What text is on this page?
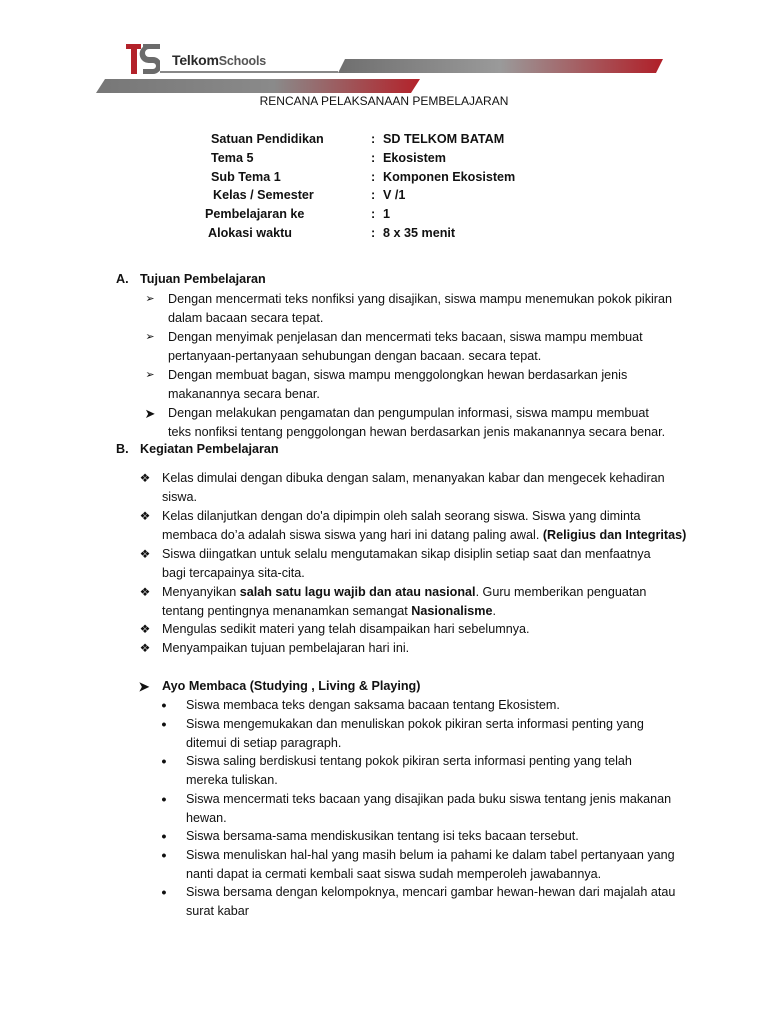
TelkomSchools
RENCANA PELAKSANAAN PEMBELAJARAN
Satuan Pendidikan	: SD TELKOM BATAM
Tema 5	: Ekosistem
Sub Tema 1	: Komponen Ekosistem
Kelas / Semester	: V /1
Pembelajaran ke	: 1
Alokasi waktu	: 8 x 35 menit
A. Tujuan Pembelajaran
➢ Dengan mencermati teks nonfiksi yang disajikan, siswa mampu menemukan pokok pikiran
dalam bacaan secara tepat.
➢ Dengan menyimak penjelasan dan mencermati teks bacaan, siswa mampu membuat
pertanyaan-pertanyaan sehubungan dengan bacaan. secara tepat.
➢ Dengan membuat bagan, siswa mampu menggolongkan hewan berdasarkan jenis
makanannya secara benar.
➤ Dengan melakukan pengamatan dan pengumpulan informasi, siswa mampu membuat
teks nonfiksi tentang penggolongan hewan berdasarkan jenis makanannya secara benar.
B. Kegiatan Pembelajaran
❖ Kelas dimulai dengan dibuka dengan salam, menanyakan kabar dan mengecek kehadiran
siswa.
❖ Kelas dilanjutkan dengan do'a dipimpin oleh salah seorang siswa. Siswa yang diminta
membaca do’a adalah siswa siswa yang hari ini datang paling awal. (Religius dan Integritas)
❖ Siswa diingatkan untuk selalu mengutamakan sikap disiplin setiap saat dan menfaatnya
bagi tercapainya sita-cita.
❖ Menyanyikan salah satu lagu wajib dan atau nasional. Guru memberikan penguatan
tentang pentingnya menanamkan semangat Nasionalisme.
❖ Mengulas sedikit materi yang telah disampaikan hari sebelumnya.
❖ Menyampaikan tujuan pembelajaran hari ini.
➤ Ayo Membaca (Studying , Living & Playing)
•	Siswa membaca teks dengan saksama bacaan tentang Ekosistem.
•	Siswa mengemukakan dan menuliskan pokok pikiran serta informasi penting yang
ditemui di setiap paragraph.
•	Siswa saling berdiskusi tentang pokok pikiran serta informasi penting yang telah
mereka tuliskan.
•	Siswa mencermati teks bacaan yang disajikan pada buku siswa tentang jenis makanan
hewan.
•	Siswa bersama-sama mendiskusikan tentang isi teks bacaan tersebut.
•	Siswa menuliskan hal-hal yang masih belum ia pahami ke dalam tabel pertanyaan yang
nanti dapat ia cermati kembali saat siswa sudah memperoleh jawabannya.
•	Siswa bersama dengan kelompoknya, mencari gambar hewan-hewan dari majalah atau
surat kabar
